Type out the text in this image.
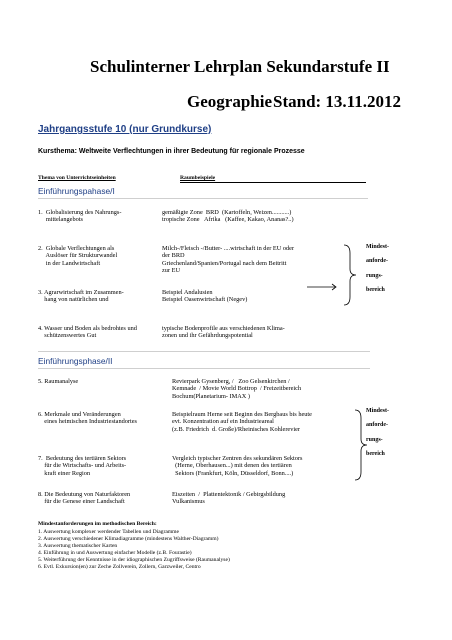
Schulinterner Lehrplan Sekundarstufe II
Geographie Stand: 13.11.2012
Jahrgangsstufe 10 (nur Grundkurse)
Kursthema: Weltweite Verflechtungen in ihrer Bedeutung für regionale Prozesse
Thema von Unterrichtseinheiten	Raumbeispiele
Einführungspahase/I
1.  Globalisierung des Nahrungs-
mittelangebots
gemäßigte Zone  BRD  (Kartoffeln, Weizen...........)
tropische Zone   Afrika   (Kaffee, Kakao, Ananas?..)
2.  Globale Verflechtungen als
Auslöser für Strukturwandel
in der Landwirtschaft
Milch-/Fleisch -/Butter- ....wirtschaft in der EU oder
der BRD
Griechenland/Spanien/Portugal nach dem Beitritt
zur EU
3. Agrarwirtschaft im Zusammen-
hang von natürlichen und
Beispiel Andalusien
Beispiel Oasenwirtschaft (Negev)
4. Wasser und Boden als bedrohtes und
schützenswertes Gut
typische Bodenprofile aus verschiedenen Klima-
zonen und ihr Gefährdungspotential
Mindest-

anforde-

rungs-

bereich
Einführungsphase/II
5. Raumanalyse	Revierpark Gysenberg, /   Zoo Gelsenkirchen /
Kemnade  / Movie World Bottrop  / Freizeitbereich
Bochum(Planetarium- IMAX )
6. Merkmale und Veränderungen
eines heimischen Industriestandortes
Beispielraum Herne seit Beginn des Bergbaus bis heute
evt. Konzentration auf ein Industrieareal
(z.B. Friedrich  d. Große)/Rheinisches Kohlerevier
7.  Bedeutung des tertiären Sektors
für die Wirtschafts- und Arbeits-
kraft einer Region
Vergleich typischer Zentren des sekundären Sektors
(Herne, Oberhausen...) mit denen des tertiären
Sektors (Frankfurt, Köln, Düsseldorf, Bonn....)
8. Die Bedeutung von Naturfaktoren
für die Genese einer Landschaft
Eiszeiten  /  Plattentektonik / Gebirgsbildung
Vulkanismus
Mindest-

anforde-

rungs-

bereich
Mindestanforderungen im methodischen Bereich:
1. Auswertung komplexer werdender Tabellen und Diagramme
2. Auswertung verschiedener Klimadiagramme (mindestens Walther-Diagramm)
3. Auswertung thematischer Karten
4. Einführung in und Auswertung einfacher Modelle (z.B. Fourastie)
5. Weiterführung der Kenntnisse in der idiographischen Zugriffsweise (Raumanalyse)
6. Evtl. Exkursion(en) zur Zeche Zollverein, Zollern, Garzweiler, Centro
